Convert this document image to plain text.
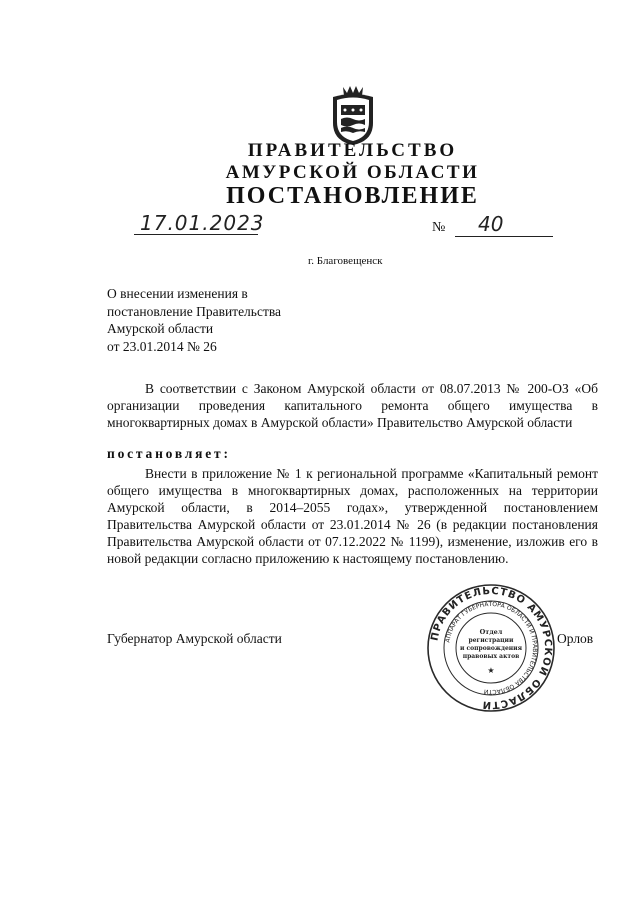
ПРАВИТЕЛЬСТВО
АМУРСКОЙ ОБЛАСТИ
ПОСТАНОВЛЕНИЕ
17.01.2023	№ 40
г. Благовещенск
О внесении изменения в
постановление Правительства
Амурской области
от 23.01.2014 № 26
В соответствии с Законом Амурской области от 08.07.2013 № 200-ОЗ «Об организации проведения капитального ремонта общего имущества в многоквартирных домах в Амурской области» Правительство Амурской области
постановляет:
Внести в приложение № 1 к региональной программе «Капитальный ремонт общего имущества в многоквартирных домах, расположенных на территории Амурской области, в 2014–2055 годах», утвержденной постановлением Правительства Амурской области от 23.01.2014 № 26 (в редакции постановления Правительства Амурской области от 07.12.2022 № 1199), изменение, изложив его в новой редакции согласно приложению к настоящему постановлению.
Губернатор Амурской области	Орлов
ПРАВИТЕЛЬСТВО АМУРСКОЙ ОБЛАСТИ
АППАРАТ ГУБЕРНАТОРА ОБЛАСТИ И ПРАВИТЕЛЬСТВА ОБЛАСТИ
Отдел
регистрации
и сопровождения
правовых актов
★
